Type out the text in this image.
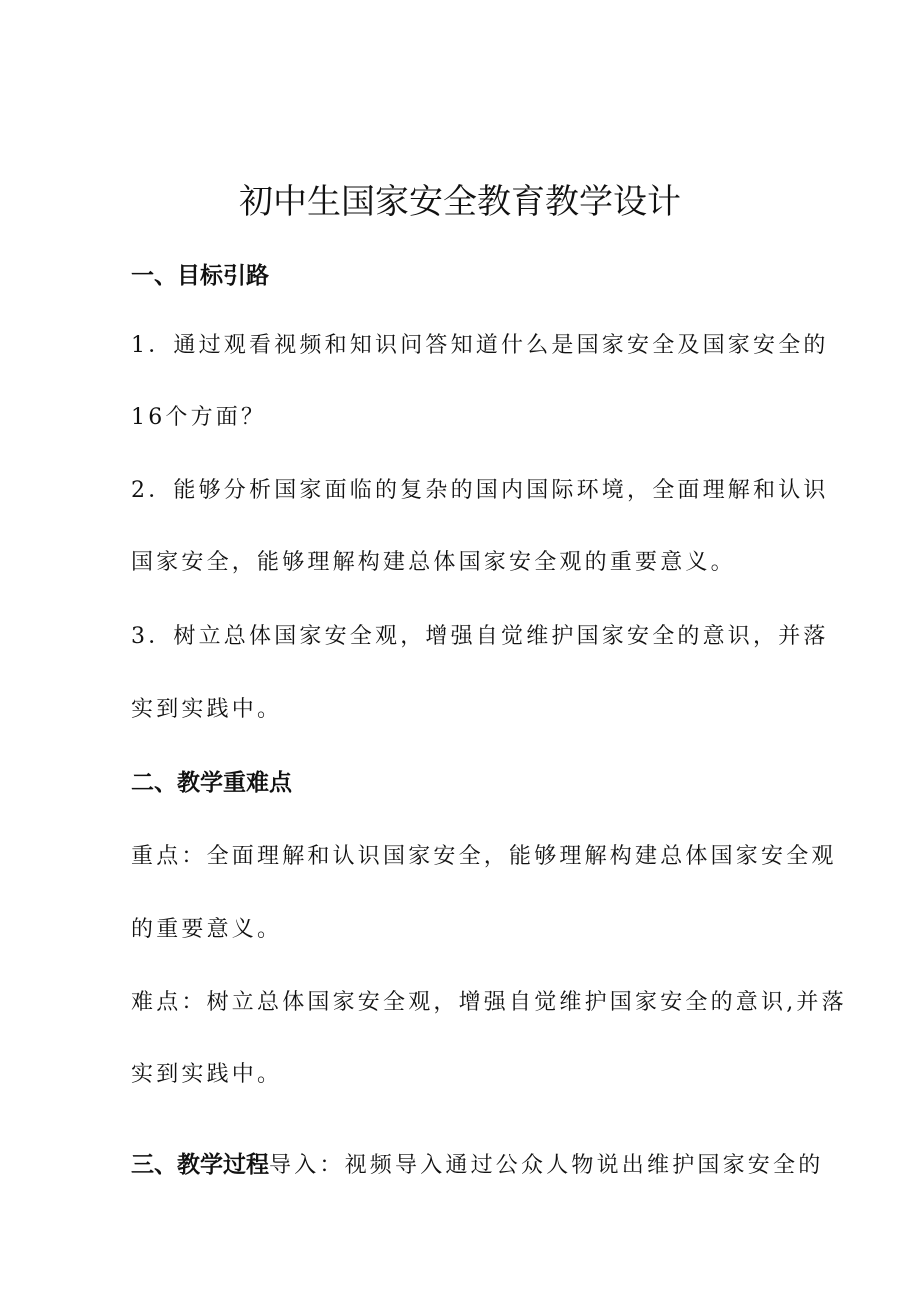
初中生国家安全教育教学设计

一、目标引路

1．通过观看视频和知识问答知道什么是国家安全及国家安全的

16个方面？

2．能够分析国家面临的复杂的国内国际环境，全面理解和认识

国家安全，能够理解构建总体国家安全观的重要意义。

3．树立总体国家安全观，增强自觉维护国家安全的意识，并落

实到实践中。

二、教学重难点

重点：全面理解和认识国家安全，能够理解构建总体国家安全观

的重要意义。

难点：树立总体国家安全观，增强自觉维护国家安全的意识,并落

实到实践中。

三、教学过程导入：视频导入通过公众人物说出维护国家安全的
